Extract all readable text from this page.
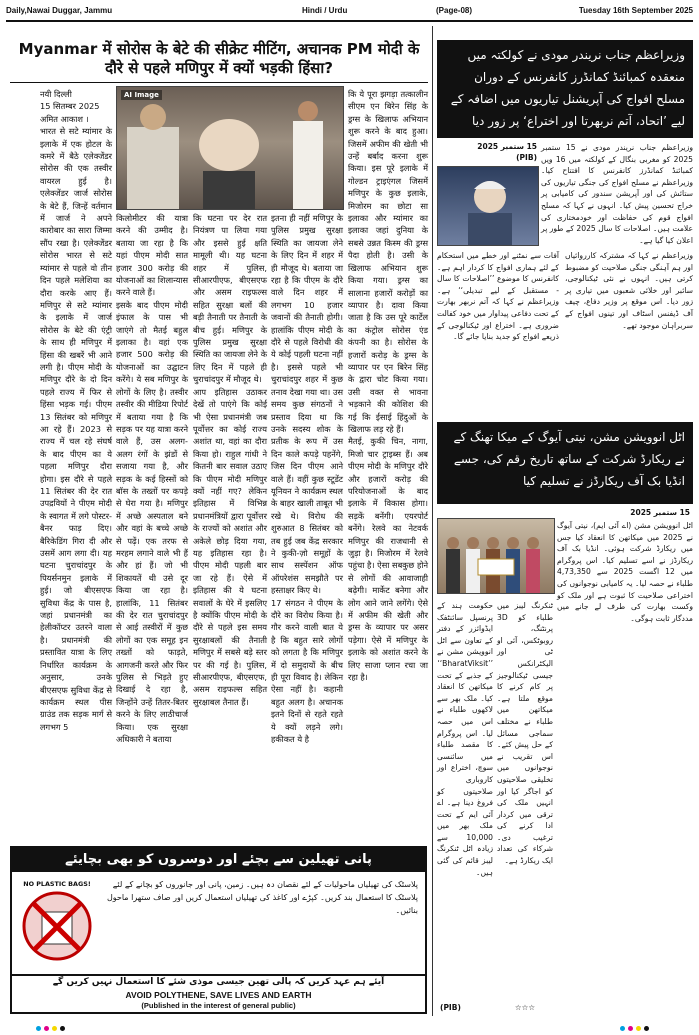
Daily,Nawai Duggar, Jammu	Hindi / Urdu	(Page-08)	Tuesday 16th September 2025
Myanmar में सोरोस के बेटे की सीक्रेट मीटिंग, अचानक PM मोदी के दौरे से पहले मणिपुर में क्यों भड़की हिंसा?
AI Image
नयी दिल्ली
15 सितम्बर 2025
अमित आकाश ।
भारत से सटे म्यांमार के इलाके में एक होटल के कमरे में बैठे एलेक्जेंडर सोरोस की एक तस्वीर वायरल हुई है। एलेक्जेंडर जार्ज सोरोस के बेटे हैं, जिन्हें वर्तमान में जार्ज ने अपने कारोबार का सारा जिम्मा सौंप रखा है। एलेक्जेंडर सोरोस भारत से सटे म्यांमार से पहले वो तीन दिन पहले मलेशिया का दौरा करके आए हैं। मणिपुर से सटे म्यांमार के इलाके में जार्ज सोरोस के बेटे की एंट्री के साथ ही मणिपुर में हिंसा की खबरें भी आने लगी है। पीएम मोदी के मणिपुर दौरे के दो दिन पहले राज्य में फिर से हिंसा भड़क गई। पीएम 13 सितंबर को मणिपुर आ रहे हैं। 2023 से राज्य में चल रहे संघर्ष के बाद पीएम का ये पहला मणिपुर दौरा होगा। इस दौरे से पहले 11 सितंबर की देर रात उपद्रवियों ने पीएम मोदी के स्वागत में लगे पोस्टर-बैनर फाड़ दिए। बैरिकेडिंग गिरा दी और उसमें आग लगा दी। यह घटना चुराचांदपुर के पियर्सनमुन इलाके में हुई। जो बीएसएफ सुविधा केंद्र के पास है, जहां प्रधानमंत्री का हेलीकॉप्टर उतरने वाला है। प्रधानमंत्री की प्रस्तावित यात्रा के लिए निर्धारित कार्यक्रम के अनुसार, उनके बीएसएफ सुविधा केंद्र से कार्यक्रम स्थल पीस ग्राउंड तक सड़क मार्ग से लगभग 5
किलोमीटर की यात्रा करने की उम्मीद है। बताया जा रहा है कि यहां पीएम मोदी सात हजार 300 करोड़ की योजनाओं का शिलान्यास करने वाले हैं।
इसके बाद पीएम मोदी इंफाल के पास भी जाएंगे तो मैतई बहुल इलाका है। वहां एक हजार 500 करोड़ की योजनाओं का उद्घाटन करेंगे। ये सब मणिपुर के लोगों के लिए है। तस्वीर तस्वीर की मीडिया रिपोर्ट में बताया गया है कि सड़क पर यह यात्रा करने वाले हैं, उस अलग-अलग रंगों के झंडों से सजाया गया है, और सड़क के कई हिस्सों को बॉस के तख्तों पर कपड़े से घेरा गया है। मणिपुर में अच्छे अस्पताल बने और वहां के बच्चे अच्छे से पढ़ें। एक तरफ से मरहम लगाने वाले भी हैं और हां हैं। जो भी शिकायतें थी उसे दूर किया जा रहा है। हालांकि, 11 सितंबर की देर रात चुराचांदपुर से आई तस्वीरों में कुछ लोगों का एक समूह इन तख्तों को फाड़ते, आगजनी करते और फिर पुलिस से भिड़ते हुए दिखाई दे रहा है, जिन्होंने उन्हें तितर-बितर करने के लिए लाठीचार्ज किया। एक सुरक्षा अधिकारी ने बताया
कि घटना पर देर रात नियंत्रण पा लिया गया और इससे हुई क्षति मामूली थी। यह घटना शहर में पुलिस, सीआरपीएफ, बीएसएफ और असम राइफल्स सहित सुरक्षा बलों की बड़ी तैनाती पर तैनाती के बीच हुई। मणिपुर के पुलिस प्रमुख सुरक्षा स्थिति का जायजा लेने के लिए दिन में पहले ही चुराचांदपुर में मौजूद थे।
आप इतिहास उठाकर देखें तो पाएंगे कि कोई भी ऐसा प्रधानमंत्री जब पूर्वोत्तर का कोई राज्य अशांत था, वहां का दौरा किया हो। राहुल गांधी ने कितनी बार सवाल उठाए कि पीएम मोदी मणिपुर क्यों नहीं गए? लेकिन इतिहास में विभिन्न प्रधानमंत्रियों द्वारा पूर्वोत्तर के राज्यों को अशांत और अकेले छोड़ दिया गया, यह इतिहास रहा है। पीएम मोदी पहली बार जा रहे हैं। ऐसे में इतिहास की ये घटना सवालों के घेरे में इसलिए है क्योंकि पीएम मोदी के दौरे से पहले इस समय सुरक्षाबलों की तैनाती मणिपुर में सबसे बड़े स्तर पर की गई है। पुलिस, सीआरपीएफ, बीएसएफ, असम राइफल्स सहित सुरक्षाबल तैनात हैं।
इतना ही नहीं मणिपुर के पुलिस प्रमुख सुरक्षा स्थिति का जायजा लेने के लिए दिन में शहर में ही मौजूद थे। बताया जा रहा है कि पीएम के दौरे वाले दिन शहर में लगभग 10 हजार जवानों की तैनाती होगी। हालांकि पीएम मोदी के दौरे से पहले विरोधी की ये कोई पहली घटना नहीं है। इससे पहले भी चुराचांदपुर शहर में कुछ तनाव देखा गया था। उस समय कुछ संगठनों ने प्रस्ताव दिया था कि उनके सदस्य शोक के प्रतीक के रूप में उस दिन काले कपड़े पहनेंगे, जिस दिन पीएम आने वाले हैं। वहीं कुछ स्टूडेंट यूनियन ने कार्यक्रम स्थल के बाहर खाली ताबूत भी रखे थे। विरोध की शुरुआत 8 सितंबर को तब हुई जब केंद्र सरकार ने कुकी-ज़ो समूहों के साथ सस्पेंशन ऑफ ऑपरेशंस समझौते पर हस्ताक्षर किए थे।
17 संगठन ने पीएम के दौरे का विरोध किया है। गौर करने वाली बात ये है कि बहुत सारे लोगों को लगता है कि मणिपुर में दो समुदायों के बीच ही पूरा विवाद है। लेकिन ऐसा नहीं है। कहानी बहुत अलग है। अचानक इतने दिनों से रहते रहते ये क्यों लड़ने लगे। हकीकत ये है
कि ये पूरा झगड़ा तत्कालीन सीएम एन बिरेन सिंह के ड्रग्स के खिलाफ अभियान शुरू करने के बाद हुआ। जिसमें अफीम की खेती भी उन्हें बर्बाद करना शुरू किया। इस पूरे इलाके में गोल्डन ट्राइएंगल जिसमें मणिपुर के कुछ इलाके, मिजोरम का छोटा सा इलाका और म्यांमार का इलाका जहां दुनिया के सबसे उन्नत किस्म की ड्रग्स पैदा होती है। उसी के खिलाफ अभियान शुरू किया गया। ड्रग्स का सालाना हजारों करोड़ों का व्यापार है। दावा किया जाता है कि उस पूरे कार्टेल का कंट्रोल सोरोस एंड कंपनी का है। सोरोस के हजारों करोड़ के ड्रग्स के व्यापार पर एन बिरेन सिंह के द्वारा चोट किया गया। उसी वक्त से भावना भड़काने की कोशिश की गई कि ईसाई हिंदुओं के खिलाफ लड़ रहे हैं।
मैतई, कुकी चिन, नागा, मिजो चार ट्राइब्स हैं। अब पीएम मोदी के मणिपुर दौरे और हजारों करोड़ की परियोजनाओं के बाद इलाके में विकास होगा। सड़कें बनेंगी। एयरपोर्ट बनेंगे। रेलवे का नेटवर्क मणिपुर की राजधानी से जुड़ा है। मिजोरम में रेलवे पहुंचा है। ऐसा सबकुछ होने से लोगों की आवाजाही बढ़ेगी। मार्केट बनेगा और लोग आने जाने लगेंगे। ऐसे में अफीम की खेती और ड्रग्स के व्यापार पर असर पड़ेगा। ऐसे में मणिपुर के इलाके को अशांत करने के लिए साजा प्लान रचा जा रहा है।
پانی تھیلین سے بچئے اور دوسروں کو بھی بچایئے
NO PLASTIC BAGS!	پلاسٹک کی تھیلیاں ماحولیات کے لئے نقصان دہ ہیں۔ زمین، پانی اور جانوروں کو بچانے کے لئے پلاسٹک کا استعمال بند کریں۔ کپڑے اور کاغذ کی تھیلیاں استعمال کریں اور صاف ستھرا ماحول بنائیں۔
آیئے ہم عہد کریں کہ پالی تھین جیسی موذی شئے کا استعمال نہیں کریں گے
AVOID POLYTHENE, SAVE LIVES AND EARTH
(Published in the interest of general public)
وزیراعظم جناب نریندر مودی نے کولکتہ میں منعقدہ کمبائنڈ کمانڈرز کانفرنس کے دوران مسلح افواج کی آپریشنل تیاریوں میں اضافہ کے لیے ’اتحاد، آتم نربھرتا اور اختراع‘ پر زور دیا
15 ستمبر 2025
(PIB)
وزیراعظم جناب نریندر مودی نے 15 ستمبر 2025 کو مغربی بنگال کے کولکتہ میں 16 ویں کمبائنڈ کمانڈرز کانفرنس کا افتتاح کیا۔ وزیراعظم نے مسلح افواج کی جنگی تیاریوں کی ستائش کی اور آپریشن سندور کی کامیابی پر خراج تحسین پیش کیا۔ انہوں نے کہا کہ مسلح افواج قوم کی حفاظت اور خودمختاری کی علامت ہیں۔ اصلاحات کا سال 2025 کے طور پر اعلان کیا گیا ہے۔
آفات سے نمٹنے اور خطے میں استحکام کے لئے ہماری افواج کا کردار اہم ہے۔ کانفرنس کا موضوع ’’اصلاحات کا سال - مستقبل کے لیے تبدیلی‘‘ ہے۔ وزیراعظم نے کہا کہ آتم نربھر بھارت کے تحت دفاعی پیداوار میں خود کفالت ضروری ہے۔ اختراع اور ٹیکنالوجی کے ذریعے افواج کو جدید بنایا جائے گا۔
وزیراعظم نے کہا کہ مشترکہ کارروائیاں اور ہم آہنگی جنگی صلاحیت کو مضبوط کرتی ہیں۔ انہوں نے نئی ٹیکنالوجی، سائبر اور خلائی شعبوں میں تیاری پر زور دیا۔ اس موقع پر وزیر دفاع، چیف آف ڈیفنس اسٹاف اور تینوں افواج کے سربراہان موجود تھے۔
اٹل انوویشن مشن، نیتی آیوگ کے میکا تھنگ کے نے ریکارڈ شرکت کے ساتھ تاریخ رقم کی، جسے انڈیا بک آف ریکارڈز نے تسلیم کیا
15 ستمبر 2025
اٹل انوویشن مشن (اے آئی ایم)، نیتی آیوگ نے 2025 میں میکاتھن کا انعقاد کیا جس میں ریکارڈ شرکت ہوئی۔ انڈیا بک آف ریکارڈز نے اسے تسلیم کیا۔ اس پروگرام میں 12 اگست 2025 سے 4,73,350 طلباء نے حصہ لیا۔ یہ کامیابی نوجوانوں کی اختراعی صلاحیت کا ثبوت ہے اور ملک کو وکست بھارت کی طرف لے جانے میں مددگار ثابت ہوگی۔
حکومت ہند کے پرنسپل سائنٹفک ایڈوائزر کے دفتر کے تعاون سے اٹل انوویشن مشن نے ’’BharatViksit‘‘ کے جذبے کے تحت میکاتھن کا انعقاد کیا۔ ملک بھر سے لاکھوں طلباء نے اس میں حصہ لیا۔ اس پروگرام کا مقصد طلباء میں سائنسی سوچ، اختراع اور کاروباری صلاحیتوں کو فروغ دینا ہے۔ اے آئی ایم کے تحت ملک بھر میں 10,000 سے زیادہ اٹل ٹنکرنگ لیبز قائم کی گئی ہیں۔
ٹنکرنگ لیبز میں طلباء کو 3D پرنٹنگ، روبوٹکس، آئی او ٹی اور الیکٹرانکس جیسی ٹیکنالوجیز پر کام کرنے کا موقع ملتا ہے۔ میکاتھن میں طلباء نے مختلف سماجی مسائل کے حل پیش کئے۔ اس تقریب نے نوجوانوں میں تخلیقی صلاحیتوں کو اجاگر کیا اور انہیں ملک کی ترقی میں کردار ادا کرنے کی ترغیب دی۔ شرکاء کی تعداد ایک ریکارڈ ہے۔
(PIB)	☆☆☆
